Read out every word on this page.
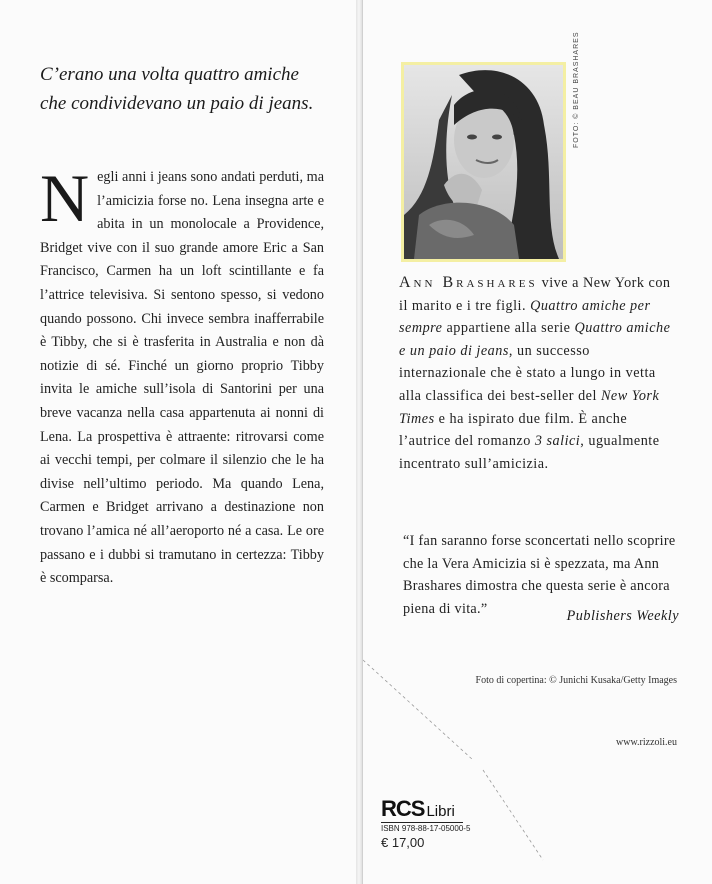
C’erano una volta quattro amiche
che condividevano un paio di jeans.
Negli anni i jeans sono andati perduti, ma l’amicizia forse no. Lena insegna arte e abita in un monolocale a Providence, Bridget vive con il suo grande amore Eric a San Francisco, Carmen ha un loft scintillante e fa l’attrice televisiva. Si sentono spesso, si vedono quando possono. Chi invece sembra inafferrabile è Tibby, che si è trasferita in Australia e non dà notizie di sé. Finché un giorno proprio Tibby invita le amiche sull’isola di Santorini per una breve vacanza nella casa appartenuta ai nonni di Lena. La prospettiva è attraente: ritrovarsi come ai vecchi tempi, per colmare il silenzio che le ha divise nell’ultimo periodo. Ma quando Lena, Carmen e Bridget arrivano a destinazione non trovano l’amica né all’aeroporto né a casa. Le ore passano e i dubbi si tramutano in certezza: Tibby è scomparsa.
FOTO: © BEAU BRASHARES
Ann Brashares vive a New York con il marito e i tre figli. Quattro amiche per sempre appartiene alla serie Quattro amiche e un paio di jeans, un successo internazionale che è stato a lungo in vetta alla classifica dei best-seller del New York Times e ha ispirato due film. È anche l’autrice del romanzo 3 salici, ugualmente incentrato sull’amicizia.
“I fan saranno forse sconcertati nello scoprire che la Vera Amicizia si è spezzata, ma Ann Brashares dimostra che questa serie è ancora piena di vita.”	Publishers Weekly
Foto di copertina: © Junichi Kusaka/Getty Images
www.rizzoli.eu
RCS Libri
ISBN 978-88-17-05000-5
€ 17,00
